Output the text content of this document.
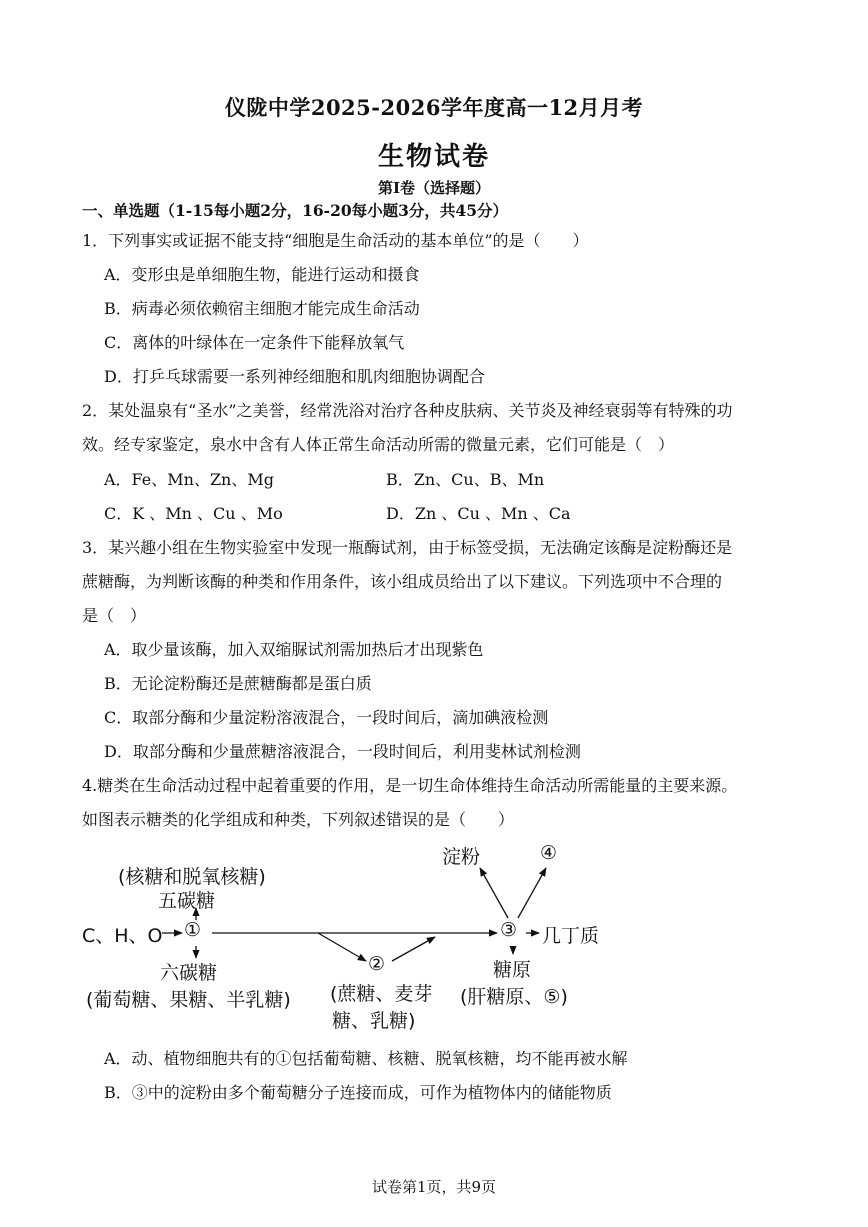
仪陇中学2025-2026学年度高一12月月考
生物试卷
第I卷（选择题）
一、单选题（1-15每小题2分，16-20每小题3分，共45分）
1．下列事实或证据不能支持“细胞是生命活动的基本单位”的是（　　）
A．变形虫是单细胞生物，能进行运动和摄食
B．病毒必须依赖宿主细胞才能完成生命活动
C．离体的叶绿体在一定条件下能释放氧气
D．打乒乓球需要一系列神经细胞和肌肉细胞协调配合
2．某处温泉有“圣水”之美誉，经常洗浴对治疗各种皮肤病、关节炎及神经衰弱等有特殊的功
效。经专家鉴定，泉水中含有人体正常生命活动所需的微量元素，它们可能是（　）
A．Fe、Mn、Zn、Mg	B．Zn、Cu、B、Mn
C．K 、Mn 、Cu 、Mo	D．Zn 、Cu 、Mn 、Ca
3．某兴趣小组在生物实验室中发现一瓶酶试剂，由于标签受损，无法确定该酶是淀粉酶还是
蔗糖酶，为判断该酶的种类和作用条件，该小组成员给出了以下建议。下列选项中不合理的
是（　）
A．取少量该酶，加入双缩脲试剂需加热后才出现紫色
B．无论淀粉酶还是蔗糖酶都是蛋白质
C．取部分酶和少量淀粉溶液混合，一段时间后，滴加碘液检测
D．取部分酶和少量蔗糖溶液混合，一段时间后，利用斐林试剂检测
4.糖类在生命活动过程中起着重要的作用，是一切生命体维持生命活动所需能量的主要来源。
如图表示糖类的化学组成和种类，下列叙述错误的是（　　）
(核糖和脱氧核糖)
五碳糖
C、H、O ①
六碳糖
(葡萄糖、果糖、半乳糖)
②
(蔗糖、麦芽
糖、乳糖)
③
淀粉	④
几丁质
糖原
(肝糖原、⑤)
A．动、植物细胞共有的①包括葡萄糖、核糖、脱氧核糖，均不能再被水解
B．③中的淀粉由多个葡萄糖分子连接而成，可作为植物体内的储能物质
试卷第1页，共9页
